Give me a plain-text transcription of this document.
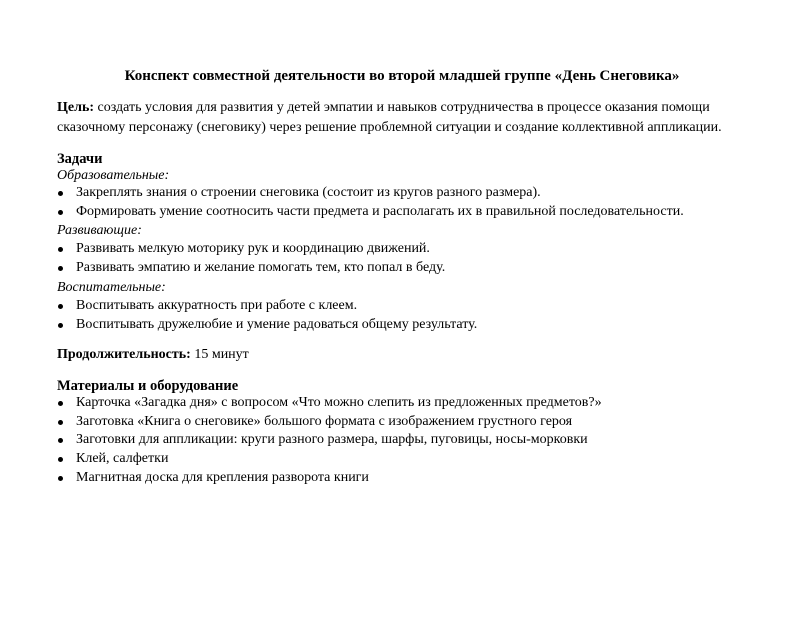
Конспект совместной деятельности во второй младшей группе «День Снеговика»
Цель: создать условия для развития у детей эмпатии и навыков сотрудничества в процессе оказания помощи
сказочному персонажу (снеговику) через решение проблемной ситуации и создание коллективной аппликации.
Задачи
Образовательные:
Закреплять знания о строении снеговика (состоит из кругов разного размера).
Формировать умение соотносить части предмета и располагать их в правильной последовательности.
Развивающие:
Развивать мелкую моторику рук и координацию движений.
Развивать эмпатию и желание помогать тем, кто попал в беду.
Воспитательные:
Воспитывать аккуратность при работе с клеем.
Воспитывать дружелюбие и умение радоваться общему результату.
Продолжительность: 15 минут
Материалы и оборудование
Карточка «Загадка дня» с вопросом «Что можно слепить из предложенных предметов?»
Заготовка «Книга о снеговике» большого формата с изображением грустного героя
Заготовки для аппликации: круги разного размера, шарфы, пуговицы, носы-морковки
Клей, салфетки
Магнитная доска для крепления разворота книги
